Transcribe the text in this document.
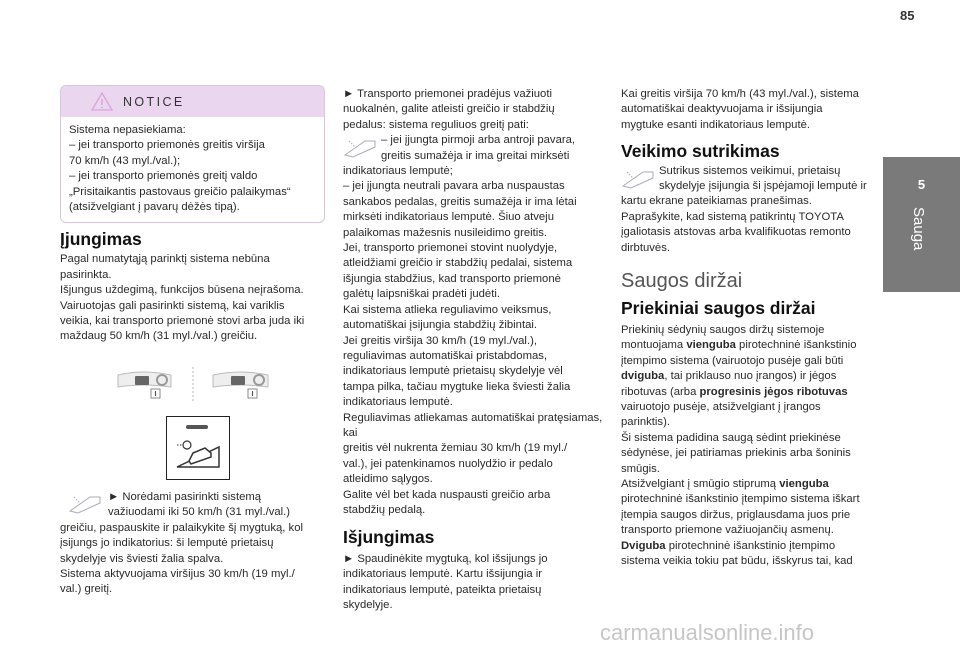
85
5
Sauga
NOTICE
Sistema nepasiekiama:
– jei transporto priemonės greitis viršija
70 km/h (43 myl./val.);
– jei transporto priemonės greitį valdo
„Prisitaikantis pastovaus greičio palaikymas“
(atsižvelgiant į pavarų dėžės tipą).
Įjungimas
Pagal numatytąją parinktį sistema nebūna
pasirinkta.
Išjungus uždegimą, funkcijos būsena neįrašoma.
Vairuotojas gali pasirinkti sistemą, kai variklis
veikia, kai transporto priemonė stovi arba juda iki
maždaug 50 km/h (31 myl./val.) greičiu.
► Norėdami pasirinkti sistemą
važiuodami iki 50 km/h (31 myl./val.)
greičiu, paspauskite ir palaikykite šį mygtuką, kol
įsijungs jo indikatorius: ši lemputė prietaisų
skydelyje vis šviesti žalia spalva.
Sistema aktyvuojama viršijus 30 km/h (19 myl./
val.) greitį.
► Transporto priemonei pradėjus važiuoti
nuokalnėn, galite atleisti greičio ir stabdžių
pedalus: sistema reguliuos greitį pati:
– jei įjungta pirmoji arba antroji pavara,
greitis sumažėja ir ima greitai mirksėti
indikatoriaus lemputė;
– jei įjungta neutrali pavara arba nuspaustas
sankabos pedalas, greitis sumažėja ir ima lėtai
mirksėti indikatoriaus lemputė. Šiuo atveju
palaikomas mažesnis nusileidimo greitis.
Jei, transporto priemonei stovint nuolydyje,
atleidžiami greičio ir stabdžių pedalai, sistema
išjungia stabdžius, kad transporto priemonė
galėtų laipsniškai pradėti judėti.
Kai sistema atlieka reguliavimo veiksmus,
automatiškai įsijungia stabdžių žibintai.
Jei greitis viršija 30 km/h (19 myl./val.),
reguliavimas automatiškai pristabdomas,
indikatoriaus lemputė prietaisų skydelyje vėl
tampa pilka, tačiau mygtuke lieka šviesti žalia
indikatoriaus lemputė.
Reguliavimas atliekamas automatiškai pratęsiamas, kai
greitis vėl nukrenta žemiau 30 km/h (19 myl./
val.), jei patenkinamos nuolydžio ir pedalo
atleidimo sąlygos.
Galite vėl bet kada nuspausti greičio arba
stabdžių pedalą.
Išjungimas
► Spaudinėkite mygtuką, kol išsijungs jo
indikatoriaus lemputė. Kartu išsijungia ir
indikatoriaus lemputė, pateikta prietaisų
skydelyje.
Kai greitis viršija 70 km/h (43 myl./val.), sistema
automatiškai deaktyvuojama ir išsijungia
mygtuke esanti indikatoriaus lemputė.
Veikimo sutrikimas
Sutrikus sistemos veikimui, prietaisų
skydelyje įsijungia ši įspėjamoji lemputė ir
kartu ekrane pateikiamas pranešimas.
Paprašykite, kad sistemą patikrintų TOYOTA
įgaliotasis atstovas arba kvalifikuotas remonto
dirbtuvės.
Saugos diržai
Priekiniai saugos diržai
Priekinių sėdynių saugos diržų sistemoje
montuojama vienguba pirotechninė išankstinio
įtempimo sistema (vairuotojo pusėje gali būti
dviguba, tai priklauso nuo įrangos) ir jėgos
ribotuvas (arba progresinis jėgos ribotuvas
vairuotojo pusėje, atsižvelgiant į įrangos
parinktis).
Ši sistema padidina saugą sėdint priekinėse
sėdynėse, jei patiriamas priekinis arba šoninis
smūgis.
Atsižvelgiant į smūgio stiprumą vienguba
pirotechninė išankstinio įtempimo sistema iškart
įtempia saugos diržus, priglausdama juos prie
transporto priemone važiuojančių asmenų.
Dviguba pirotechninė išankstinio įtempimo
sistema veikia tokiu pat būdu, išskyrus tai, kad
carmanualsonline.info
